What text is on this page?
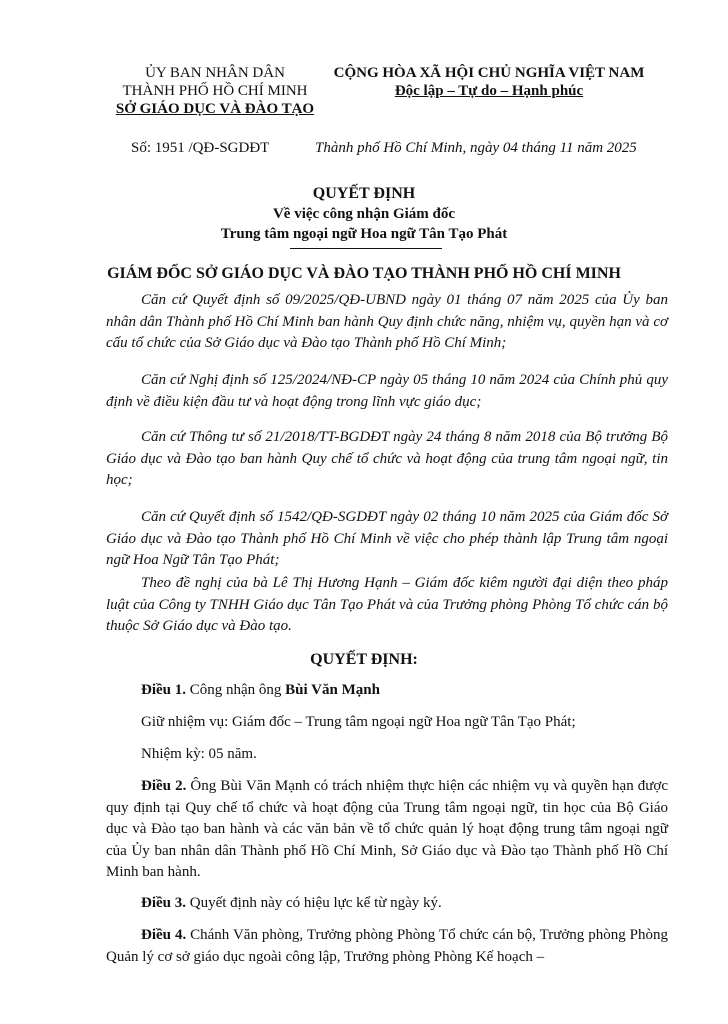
ỦY BAN NHÂN DÂN
THÀNH PHỐ HỒ CHÍ MINH
SỞ GIÁO DỤC VÀ ĐÀO TẠO
CỘNG HÒA XÃ HỘI CHỦ NGHĨA VIỆT NAM
Độc lập – Tự do – Hạnh phúc
Số: 1951 /QĐ-SGDĐT	Thành phố Hồ Chí Minh, ngày 04 tháng 11 năm 2025
QUYẾT ĐỊNH
Về việc công nhận Giám đốc
Trung tâm ngoại ngữ Hoa ngữ Tân Tạo Phát
GIÁM ĐỐC SỞ GIÁO DỤC VÀ ĐÀO TẠO THÀNH PHỐ HỒ CHÍ MINH

Căn cứ Quyết định số 09/2025/QĐ-UBND ngày 01 tháng 07 năm 2025 của Ủy ban nhân dân Thành phố Hồ Chí Minh ban hành Quy định chức năng, nhiệm vụ, quyền hạn và cơ cấu tổ chức của Sở Giáo dục và Đào tạo Thành phố Hồ Chí Minh;

Căn cứ Nghị định số 125/2024/NĐ-CP ngày 05 tháng 10 năm 2024 của Chính phủ quy định về điều kiện đầu tư và hoạt động trong lĩnh vực giáo dục;

Căn cứ Thông tư số 21/2018/TT-BGDĐT ngày 24 tháng 8 năm 2018 của Bộ trưởng Bộ Giáo dục và Đào tạo ban hành Quy chế tổ chức và hoạt động của trung tâm ngoại ngữ, tin học;

Căn cứ Quyết định số 1542/QĐ-SGDĐT ngày 02 tháng 10 năm 2025 của Giám đốc Sở Giáo dục và Đào tạo Thành phố Hồ Chí Minh về việc cho phép thành lập Trung tâm ngoại ngữ Hoa Ngữ Tân Tạo Phát;

Theo đề nghị của bà Lê Thị Hương Hạnh – Giám đốc kiêm người đại diện theo pháp luật của Công ty TNHH Giáo dục Tân Tạo Phát và của Trưởng phòng Phòng Tổ chức cán bộ thuộc Sở Giáo dục và Đào tạo.

QUYẾT ĐỊNH:

Điều 1. Công nhận ông Bùi Văn Mạnh

Giữ nhiệm vụ: Giám đốc – Trung tâm ngoại ngữ Hoa ngữ Tân Tạo Phát;

Nhiệm kỳ: 05 năm.

Điều 2. Ông Bùi Văn Mạnh có trách nhiệm thực hiện các nhiệm vụ và quyền hạn được quy định tại Quy chế tổ chức và hoạt động của Trung tâm ngoại ngữ, tin học của Bộ Giáo dục và Đào tạo ban hành và các văn bản về tổ chức quản lý hoạt động trung tâm ngoại ngữ của Ủy ban nhân dân Thành phố Hồ Chí Minh, Sở Giáo dục và Đào tạo Thành phố Hồ Chí Minh ban hành.

Điều 3. Quyết định này có hiệu lực kể từ ngày ký.

Điều 4. Chánh Văn phòng, Trưởng phòng Phòng Tổ chức cán bộ, Trưởng phòng Phòng Quản lý cơ sở giáo dục ngoài công lập, Trưởng phòng Phòng Kế hoạch –
